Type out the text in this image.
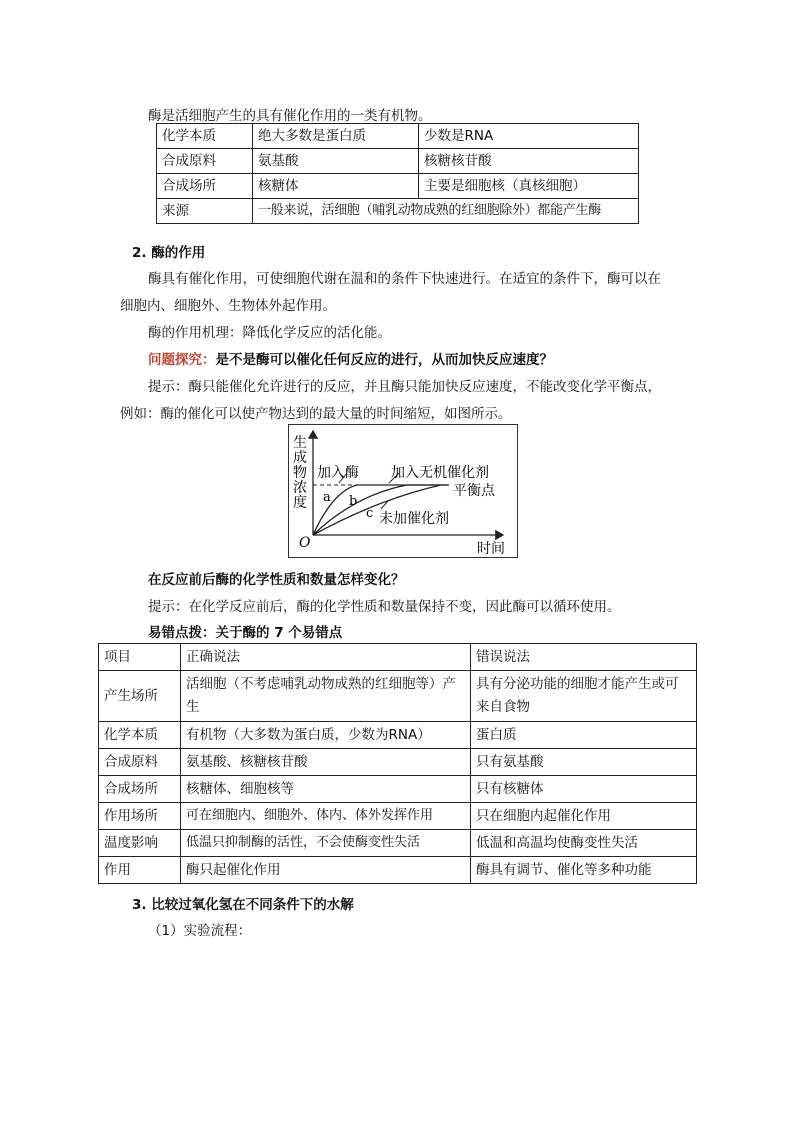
酶是活细胞产生的具有催化作用的一类有机物。
化学本质	绝大多数是蛋白质	少数是RNA
合成原料	氨基酸	核糖核苷酸
合成场所	核糖体	主要是细胞核（真核细胞）
来源	一般来说，活细胞（哺乳动物成熟的红细胞除外）都能产生酶	
2. 酶的作用
酶具有催化作用，可使细胞代谢在温和的条件下快速进行。在适宜的条件下，酶可以在
细胞内、细胞外、生物体外起作用。
酶的作用机理：降低化学反应的活化能。
问题探究：是不是酶可以催化任何反应的进行，从而加快反应速度？
提示：酶只能催化允许进行的反应，并且酶只能加快反应速度，不能改变化学平衡点，
例如：酶的催化可以使产物达到的最大量的时间缩短，如图所示。
生成物浓度
加入酶 加入无机催化剂
平衡点
未加催化剂
a b
c
O	时间
在反应前后酶的化学性质和数量怎样变化？
提示：在化学反应前后，酶的化学性质和数量保持不变，因此酶可以循环使用。
易错点拨：关于酶的 7 个易错点
项目	正确说法	错误说法
产生场所	活细胞（不考虑哺乳动物成熟的红细胞等）产生	具有分泌功能的细胞才能产生或可来自食物
化学本质	有机物（大多数为蛋白质，少数为RNA）	蛋白质
合成原料	氨基酸、核糖核苷酸	只有氨基酸
合成场所	核糖体、细胞核等	只有核糖体
作用场所	可在细胞内、细胞外、体内、体外发挥作用	只在细胞内起催化作用
温度影响	低温只抑制酶的活性，不会使酶变性失活	低温和高温均使酶变性失活
作用	酶只起催化作用	酶具有调节、催化等多种功能
3. 比较过氧化氢在不同条件下的水解
（1）实验流程：
